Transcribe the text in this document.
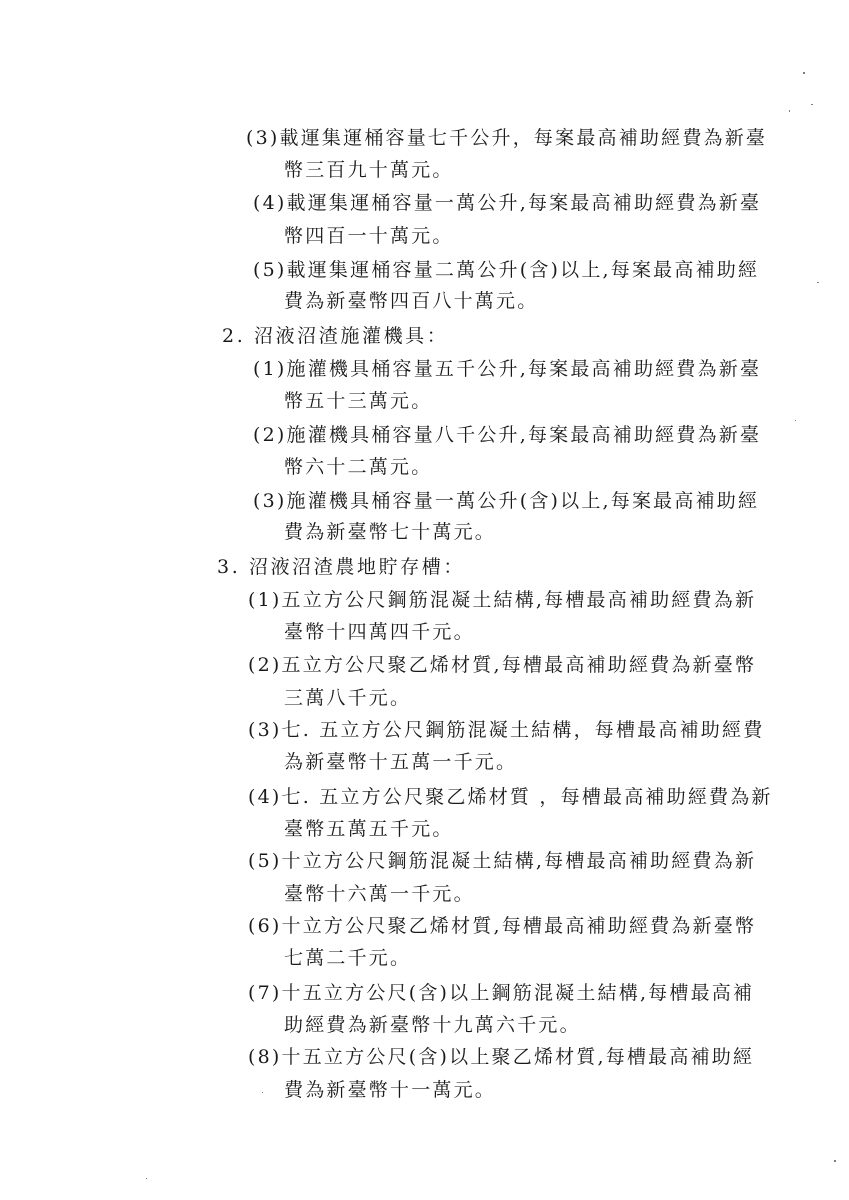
(3)載運集運桶容量七千公升，每案最高補助經費為新臺
幣三百九十萬元。
(4)載運集運桶容量一萬公升,每案最高補助經費為新臺
幣四百一十萬元。
(5)載運集運桶容量二萬公升(含)以上,每案最高補助經
費為新臺幣四百八十萬元。
2. 沼液沼渣施灌機具：
(1)施灌機具桶容量五千公升,每案最高補助經費為新臺
幣五十三萬元。
(2)施灌機具桶容量八千公升,每案最高補助經費為新臺
幣六十二萬元。
(3)施灌機具桶容量一萬公升(含)以上,每案最高補助經
費為新臺幣七十萬元。
3. 沼液沼渣農地貯存槽：
(1)五立方公尺鋼筋混凝土結構,每槽最高補助經費為新
臺幣十四萬四千元。
(2)五立方公尺聚乙烯材質,每槽最高補助經費為新臺幣
三萬八千元。
(3)七. 五立方公尺鋼筋混凝土結構，每槽最高補助經費
為新臺幣十五萬一千元。
(4)七. 五立方公尺聚乙烯材質 ，每槽最高補助經費為新
臺幣五萬五千元。
(5)十立方公尺鋼筋混凝土結構,每槽最高補助經費為新
臺幣十六萬一千元。
(6)十立方公尺聚乙烯材質,每槽最高補助經費為新臺幣
七萬二千元。
(7)十五立方公尺(含)以上鋼筋混凝土結構,每槽最高補
助經費為新臺幣十九萬六千元。
(8)十五立方公尺(含)以上聚乙烯材質,每槽最高補助經
費為新臺幣十一萬元。
